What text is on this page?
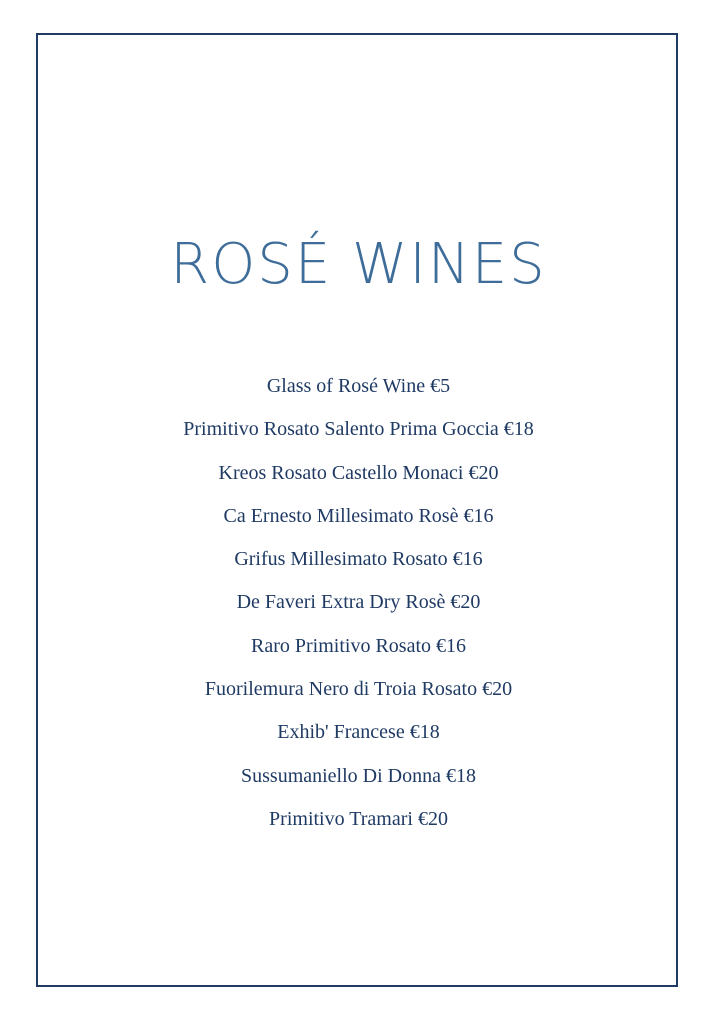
ROSÉ WINES
Glass of Rosé Wine €5
Primitivo Rosato Salento Prima Goccia €18
Kreos Rosato Castello Monaci €20
Ca Ernesto Millesimato Rosè €16
Grifus Millesimato Rosato €16
De Faveri Extra Dry Rosè €20
Raro Primitivo Rosato €16
Fuorilemura Nero di Troia Rosato €20
Exhib' Francese €18
Sussumaniello Di Donna €18
Primitivo Tramari €20
